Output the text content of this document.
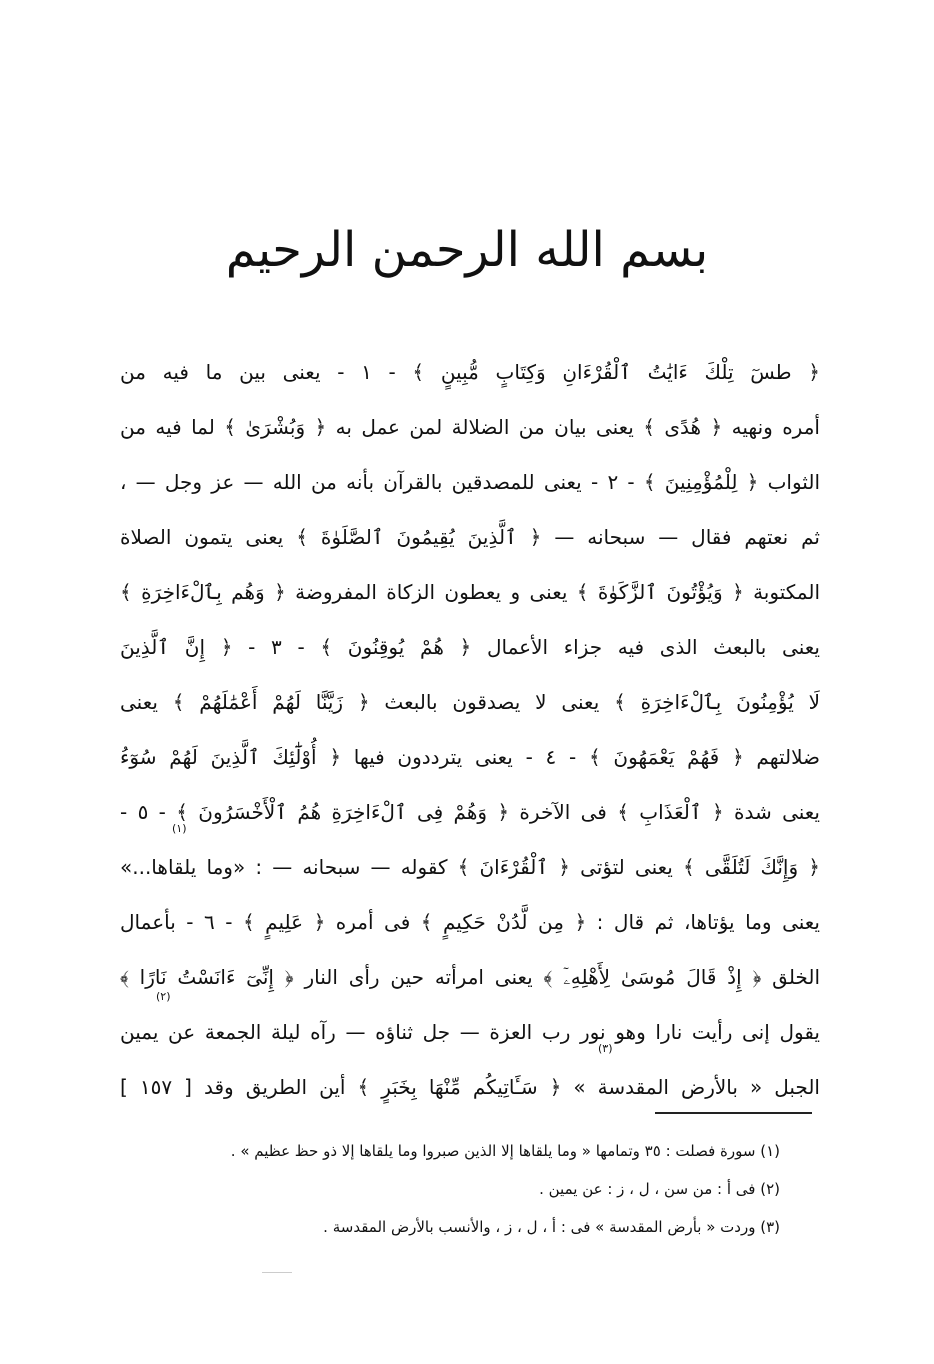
بسم الله الرحمن الرحيم
﴿ طسٓ تِلْكَ ءَايَٰتُ ٱلْقُرْءَانِ وَكِتَابٍ مُّبِينٍ ﴾ - ١ - يعنى بين ما فيه من
أمره ونهيه ﴿ هُدًى ﴾ يعنى بيان من الضلالة لمن عمل به ﴿ وَبُشْرَىٰ ﴾ لما فيه من
الثواب ﴿ لِلْمُؤْمِنِينَ ﴾ - ٢ - يعنى للمصدقين بالقرآن بأنه من الله — عز وجل — ،
ثم نعتهم فقال — سبحانه — ﴿ ٱلَّذِينَ يُقِيمُونَ ٱلصَّلَوٰةَ ﴾ يعنى يتمون الصلاة
المكتوبة ﴿ وَيُؤْتُونَ ٱلزَّكَوٰةَ ﴾ يعنى و يعطون الزكاة المفروضة ﴿ وَهُم بِٱلْءَاخِرَةِ ﴾
يعنى بالبعث الذى فيه جزاء الأعمال ﴿ هُمْ يُوقِنُونَ ﴾ - ٣ - ﴿ إِنَّ ٱلَّذِينَ
لَا يُؤْمِنُونَ بِٱلْءَاخِرَةِ ﴾ يعنى لا يصدقون بالبعث ﴿ زَيَّنَّا لَهُمْ أَعْمَٰلَهُمْ ﴾ يعنى
ضلالتهم ﴿ فَهُمْ يَعْمَهُونَ ﴾ - ٤ - يعنى يترددون فيها ﴿ أُوْلَٰٓئِكَ ٱلَّذِينَ لَهُمْ سُوٓءُ
يعنى شدة ﴿ ٱلْعَذَابِ ﴾ فى الآخرة ﴿ وَهُمْ فِى ٱلْءَاخِرَةِ هُمُ ٱلْأَخْسَرُونَ ﴾ - ٥ -
﴿ وَإِنَّكَ لَتُلَقَّى ﴾ يعنى لتؤتى ﴿ ٱلْقُرْءَانَ ﴾ كقوله — سبحانه — : «وما يلقاها...»
يعنى وما يؤتاها، ثم قال : ﴿ مِن لَّدُنْ حَكِيمٍ ﴾ فى أمره ﴿ عَلِيمٍ ﴾ - ٦ - بأعمال
الخلق ﴿ إِذْ قَالَ مُوسَىٰ لِأَهْلِهِۦٓ ﴾ يعنى امرأته حين رأى النار ﴿ إِنِّىٓ ءَانَسْتُ نَارًا ﴾
يقول إنى رأيت نارا وهو نور رب العزة — جل ثناؤه — رآه ليلة الجمعة عن يمين
الجبل « بالأرض المقدسة » ﴿ سَـَٔاتِيكُم مِّنْهَا بِخَبَرٍ ﴾ أين الطريق وقد [ ١٥٧ ]
(١)
(٢)
(٣)
(١) سورة فصلت : ٣٥ وتمامها « وما يلقاها إلا الذين صبروا وما يلقاها إلا ذو حظ عظيم » .
(٢) فى أ : من سن ، ل ، ز : عن يمين .
(٣) وردت « بأرض المقدسة » فى : أ ، ل ، ز ، والأنسب بالأرض المقدسة .
